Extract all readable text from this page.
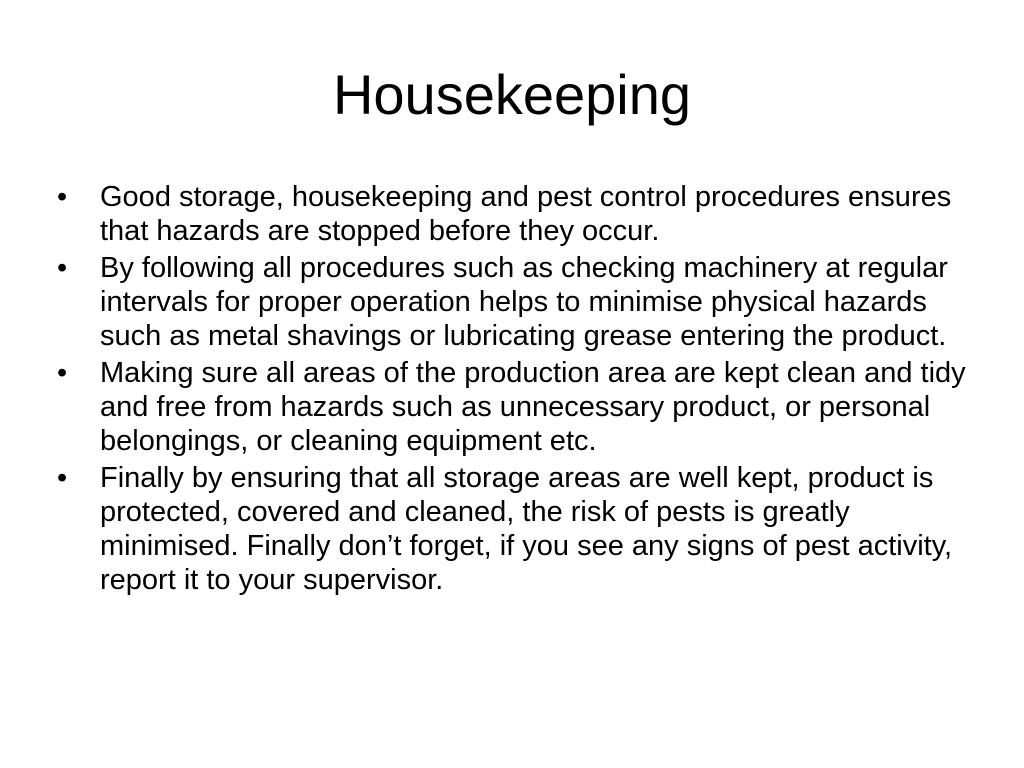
Housekeeping
•	Good storage, housekeeping and pest control procedures ensures that hazards are stopped before they occur.
•	By following all procedures such as checking machinery at regular intervals for proper operation helps to minimise physical hazards such as metal shavings or lubricating grease entering the product.
•	Making sure all areas of the production area are kept clean and tidy and free from hazards such as unnecessary product, or personal belongings, or cleaning equipment etc.
•	Finally by ensuring that all storage areas are well kept, product is protected, covered and cleaned, the risk of pests is greatly minimised. Finally don’t forget, if you see any signs of pest activity, report it to your supervisor.
